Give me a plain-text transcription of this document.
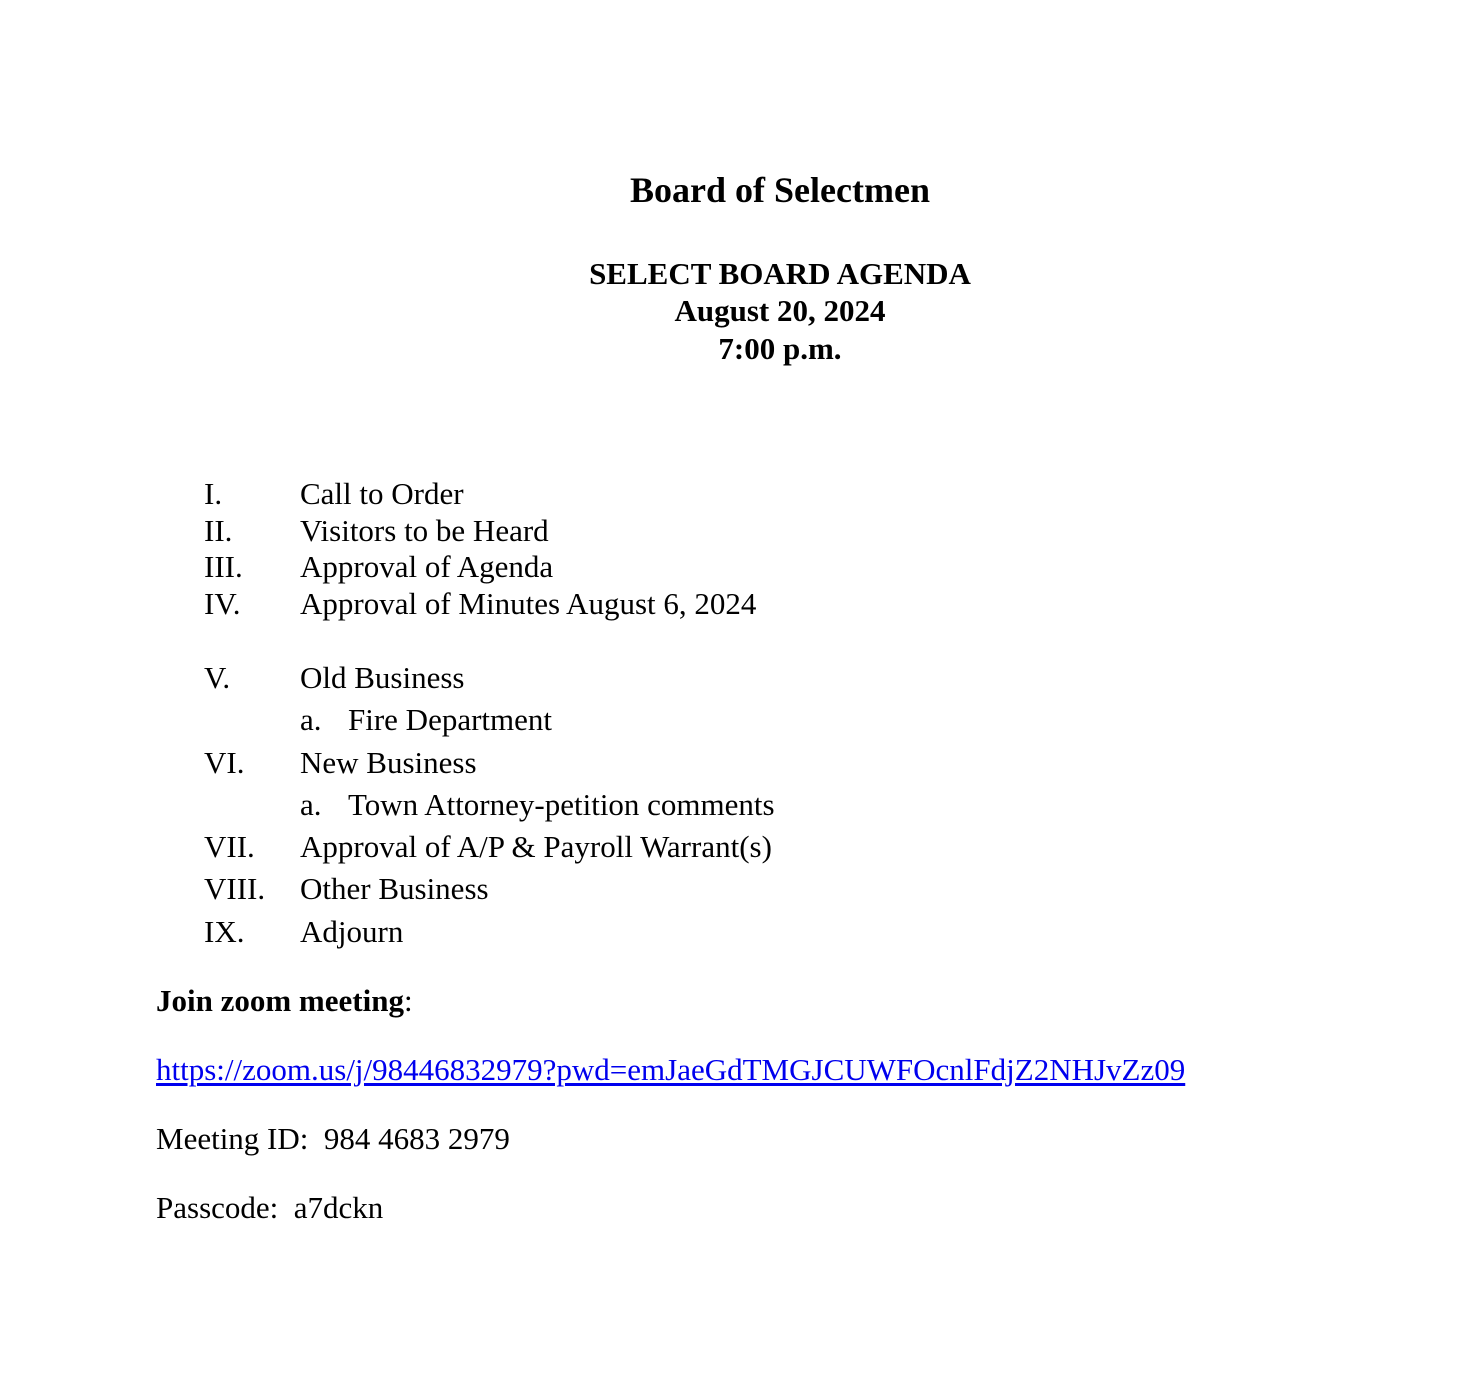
Board of Selectmen
SELECT BOARD AGENDA
August 20, 2024
7:00 p.m.
I.	Call to Order
II. Visitors to be Heard
III. Approval of Agenda
IV. Approval of Minutes August 6, 2024
V. Old Business
a. Fire Department
VI. New Business
a. Town Attorney-petition comments
VII. Approval of A/P & Payroll Warrant(s)
VIII. Other Business
IX. Adjourn
Join zoom meeting:
https://zoom.us/j/98446832979?pwd=emJaeGdTMGJCUWFOcnlFdjZ2NHJvZz09
Meeting ID: 984 4683 2979
Passcode: a7dckn
